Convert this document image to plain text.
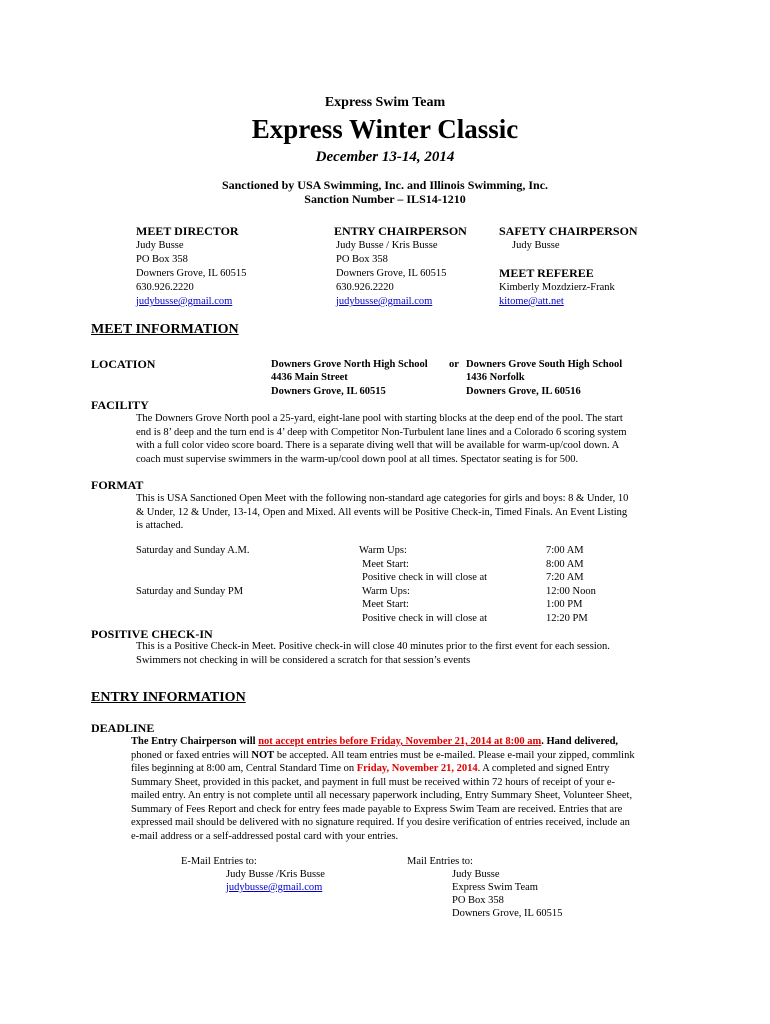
Express Swim Team
Express Winter Classic
December 13-14, 2014
Sanctioned by USA Swimming, Inc. and Illinois Swimming, Inc.
Sanction Number – ILS14-1210
MEET DIRECTOR
Judy Busse
PO Box 358
Downers Grove, IL 60515
630.926.2220
judybusse@gmail.com
ENTRY CHAIRPERSON
Judy Busse / Kris Busse
PO Box 358
Downers Grove, IL 60515
630.926.2220
judybusse@gmail.com
SAFETY CHAIRPERSON
Judy Busse
MEET REFEREE
Kimberly Mozdzierz-Frank
kitome@att.net
MEET INFORMATION
LOCATION	Downers Grove North High School or Downers Grove South High School
4436 Main Street	1436 Norfolk
Downers Grove, IL 60515	Downers Grove, IL 60516
FACILITY
The Downers Grove North pool a 25-yard, eight-lane pool with starting blocks at the deep end of the pool. The start
end is 8’ deep and the turn end is 4’ deep with Competitor Non-Turbulent lane lines and a Colorado 6 scoring system
with a full color video score board. There is a separate diving well that will be available for warm-up/cool down. A
coach must supervise swimmers in the warm-up/cool down pool at all times. Spectator seating is for 500.
FORMAT
This is USA Sanctioned Open Meet with the following non-standard age categories for girls and boys: 8 & Under, 10
& Under, 12 & Under, 13-14, Open and Mixed. All events will be Positive Check-in, Timed Finals. An Event Listing
is attached.
Saturday and Sunday A.M.	Warm Ups:	7:00 AM
Meet Start:	8:00 AM
Positive check in will close at	7:20 AM
Saturday and Sunday PM	Warm Ups:	12:00 Noon
Meet Start:	1:00 PM
Positive check in will close at	12:20 PM
POSITIVE CHECK-IN
This is a Positive Check-in Meet. Positive check-in will close 40 minutes prior to the first event for each session.
Swimmers not checking in will be considered a scratch for that session’s events
ENTRY INFORMATION
DEADLINE
The Entry Chairperson will not accept entries before Friday, November 21, 2014 at 8:00 am. Hand delivered,
phoned or faxed entries will NOT be accepted. All team entries must be e-mailed. Please e-mail your zipped, commlink
files beginning at 8:00 am, Central Standard Time on Friday, November 21, 2014. A completed and signed Entry
Summary Sheet, provided in this packet, and payment in full must be received within 72 hours of receipt of your e-
mailed entry. An entry is not complete until all necessary paperwork including, Entry Summary Sheet, Volunteer Sheet,
Summary of Fees Report and check for entry fees made payable to Express Swim Team are received. Entries that are
expressed mail should be delivered with no signature required. If you desire verification of entries received, include an
e-mail address or a self-addressed postal card with your entries.
E-Mail Entries to:
Judy Busse /Kris Busse
judybusse@gmail.com
Mail Entries to:
Judy Busse
Express Swim Team
PO Box 358
Downers Grove, IL 60515
